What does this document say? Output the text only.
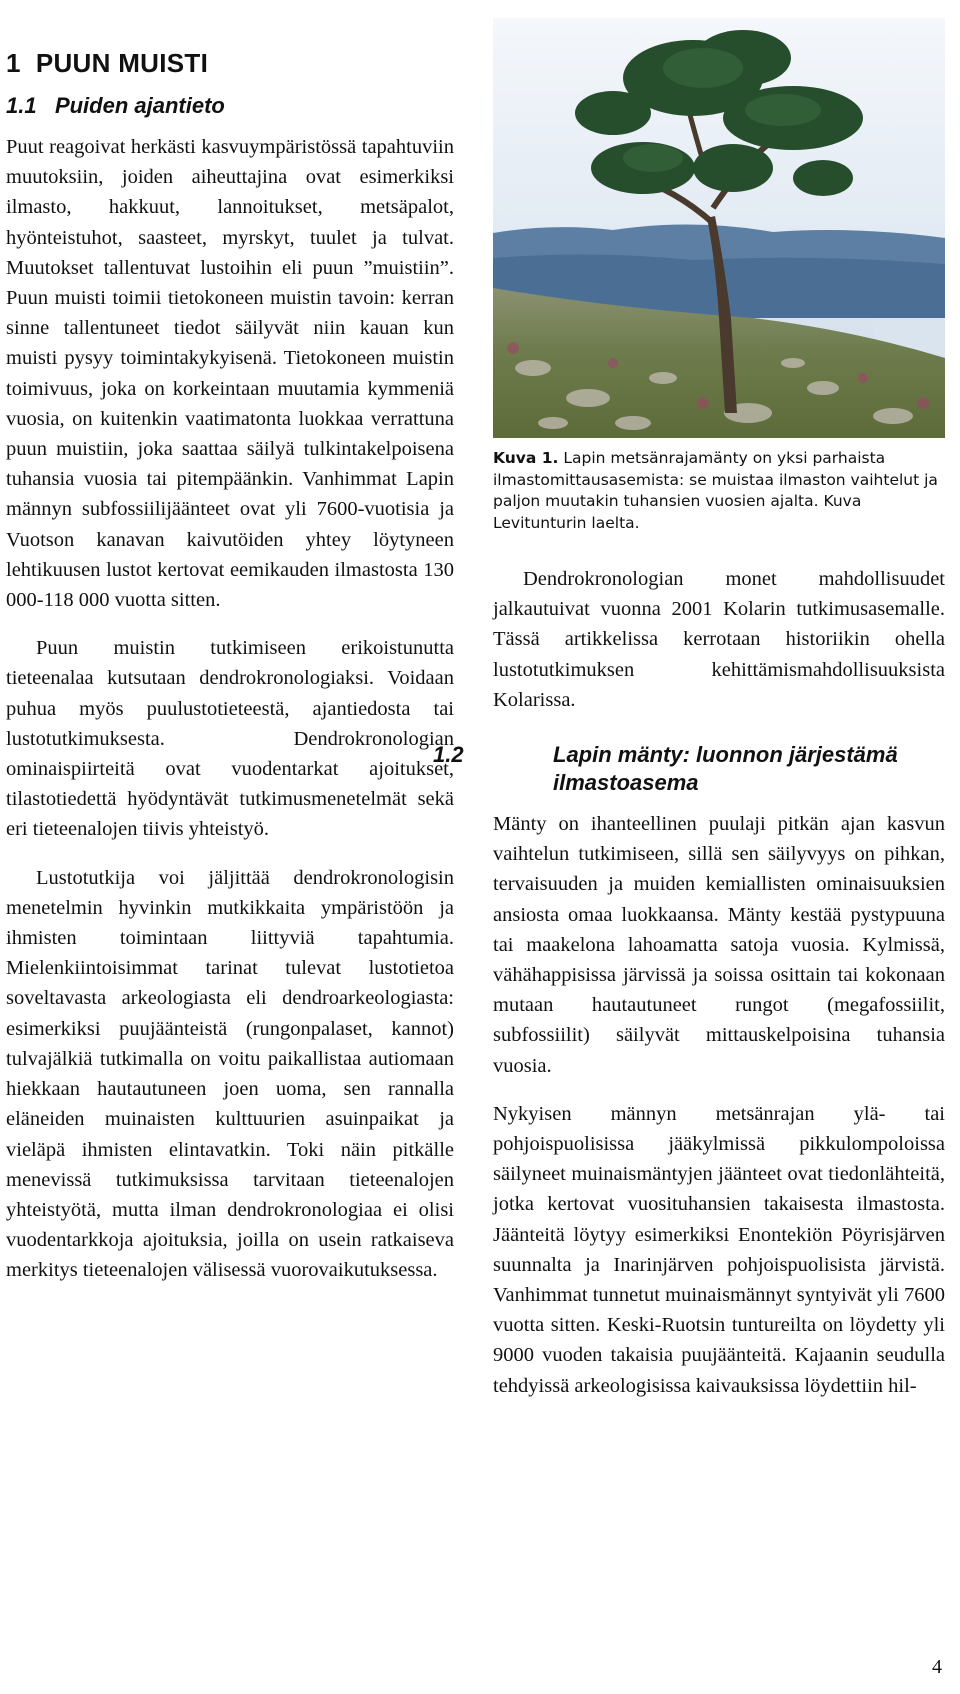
1 PUUN MUISTI
1.1 Puiden ajantieto

Puut reagoivat herkästi kasvuympäristössä tapahtuviin muutoksiin, joiden aiheuttajina ovat esimerkiksi ilmasto, hakkuut, lannoitukset, metsäpalot, hyönteistuhot, saasteet, myrskyt, tuulet ja tulvat. Muutokset tallentuvat lustoihin eli puun ”muistiin”. Puun muisti toimii tietokoneen muistin tavoin: kerran sinne tallentuneet tiedot säilyvät niin kauan kun muisti pysyy toimintakykyisenä. Tietokoneen muistin toimivuus, joka on korkeintaan muutamia kymmeniä vuosia, on kuitenkin vaatimatonta luokkaa verrattuna puun muistiin, joka saattaa säilyä tulkintakelpoisena tuhansia vuosia tai pitempäänkin. Vanhimmat Lapin männyn subfossiilijäänteet ovat yli 7600-vuotisia ja Vuotson kanavan kaivutöiden yhtey löytyneen lehtikuusen lustot kertovat eemikauden ilmastosta 130 000-118 000 vuotta sitten.

Puun muistin tutkimiseen erikoistunutta tieteenalaa kutsutaan dendrokronologiaksi. Voidaan puhua myös puulustotieteestä, ajantiedosta tai lustotutkimuksesta. Dendrokronologian ominaispiirteitä ovat vuodentarkat ajoitukset, tilastotiedettä hyödyntävät tutkimusmenetelmät sekä eri tieteenalojen tiivis yhteistyö.

Lustotutkija voi jäljittää dendrokronologisin menetelmin hyvinkin mutkikkaita ympäristöön ja ihmisten toimintaan liittyviä tapahtumia. Mielenkiintoisimmat tarinat tulevat lustotietoa soveltavasta arkeologiasta eli dendroarkeologiasta: esimerkiksi puujäänteistä (rungonpalaset, kannot) tulvajälkiä tutkimalla on voitu paikallistaa autiomaan hiekkaan hautautuneen joen uoma, sen rannalla eläneiden muinaisten kulttuurien asuinpaikat ja vieläpä ihmisten elintavatkin. Toki näin pitkälle menevissä tutkimuksissa tarvitaan tieteenalojen yhteistyötä, mutta ilman dendrokronologiaa ei olisi vuodentarkkoja ajoituksia, joilla on usein ratkaiseva merkitys tieteenalojen välisessä vuorovaikutuksessa.

Kuva 1. Lapin metsänrajamänty on yksi parhaista ilmastomittausasemista: se muistaa ilmaston vaihtelut ja paljon muutakin tuhansien vuosien ajalta. Kuva Levitunturin laelta.

Dendrokronologian monet mahdollisuudet jalkautuivat vuonna 2001 Kolarin tutkimusasemalle. Tässä artikkelissa kerrotaan historiikin ohella lustotutkimuksen kehittämismahdollisuuksista Kolarissa.

1.2	Lapin mänty: luonnon järjestämä ilmastoasema

Mänty on ihanteellinen puulaji pitkän ajan kasvun vaihtelun tutkimiseen, sillä sen säilyvyys on pihkan, tervaisuuden ja muiden kemiallisten ominaisuuksien ansiosta omaa luokkaansa. Mänty kestää pystypuuna tai maakelona lahoamatta satoja vuosia. Kylmissä, vähähappisissa järvissä ja soissa osittain tai kokonaan mutaan hautautuneet rungot (megafossiilit, subfossiilit) säilyvät mittauskelpoisina tuhansia vuosia.

Nykyisen männyn metsänrajan ylä- tai pohjoispuolisissa jääkylmissä pikkulompoloissa säilyneet muinaismäntyjen jäänteet ovat tiedonlähteitä, jotka kertovat vuosituhansien takaisesta ilmastosta. Jäänteitä löytyy esimerkiksi Enontekiön Pöyrisjärven suunnalta ja Inarinjärven pohjoispuolisista järvistä. Vanhimmat tunnetut muinaismännyt syntyivät yli 7600 vuotta sitten. Keski-Ruotsin tuntureilta on löydetty yli 9000 vuoden takaisia puujäänteitä. Kajaanin seudulla tehdyissä arkeologisissa kaivauksissa löydettiin hil-

4
